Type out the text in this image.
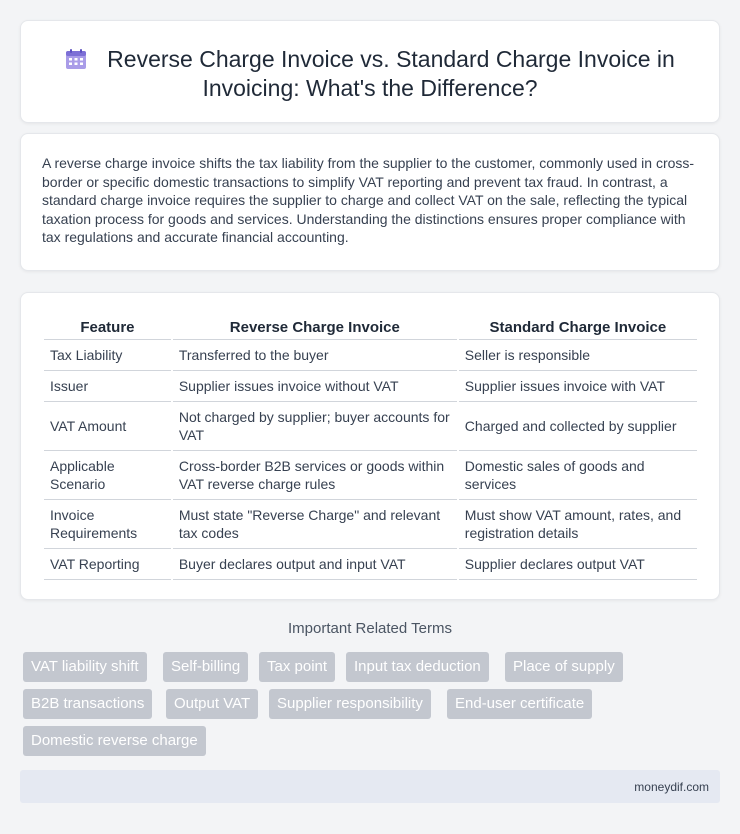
Reverse Charge Invoice vs. Standard Charge Invoice in Invoicing: What's the Difference?

A reverse charge invoice shifts the tax liability from the supplier to the customer, commonly used in cross-border or specific domestic transactions to simplify VAT reporting and prevent tax fraud. In contrast, a standard charge invoice requires the supplier to charge and collect VAT on the sale, reflecting the typical taxation process for goods and services. Understanding the distinctions ensures proper compliance with tax regulations and accurate financial accounting.

Feature	Reverse Charge Invoice	Standard Charge Invoice
Tax Liability	Transferred to the buyer	Seller is responsible
Issuer	Supplier issues invoice without VAT	Supplier issues invoice with VAT
VAT Amount	Not charged by supplier; buyer accounts for VAT	Charged and collected by supplier
Applicable Scenario	Cross-border B2B services or goods within VAT reverse charge rules	Domestic sales of goods and services
Invoice Requirements	Must state "Reverse Charge" and relevant tax codes	Must show VAT amount, rates, and registration details
VAT Reporting	Buyer declares output and input VAT	Supplier declares output VAT
Important Related Terms
VAT liability shift	Self-billing	Tax point	Input tax deduction	Place of supply
B2B transactions	Output VAT	Supplier responsibility	End-user certificate
Domestic reverse charge
moneydif.com
